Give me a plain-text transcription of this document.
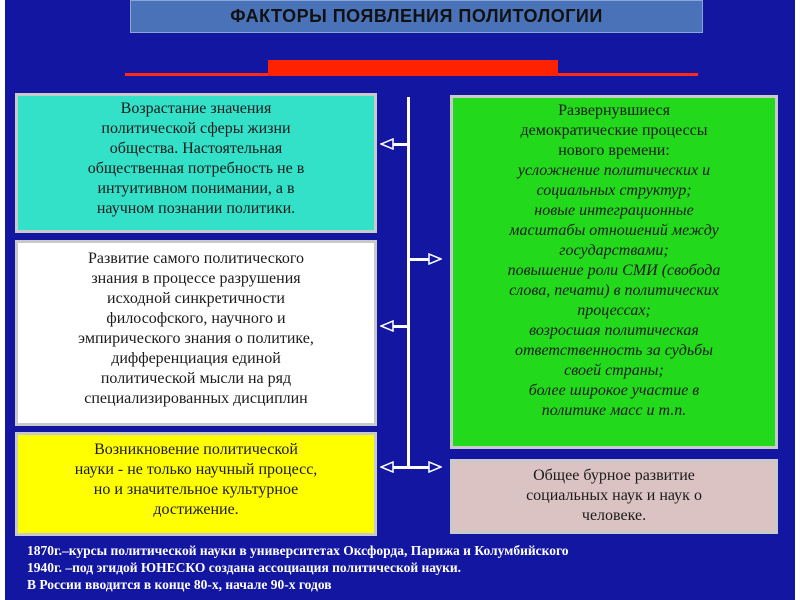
ФАКТОРЫ ПОЯВЛЕНИЯ ПОЛИТОЛОГИИ

Возрастание значения

политической сферы жизни

общества. Настоятельная

общественная потребность не в

интуитивном понимании, а в

научном познании политики.

Развитие самого политического

знания в процессе разрушения

исходной синкретичности

философского, научного и

эмпирического знания о политике,

дифференциация единой

политической мысли на ряд

специализированных дисциплин

Возникновение политической

науки - не только научный процесс,

но и значительное культурное

достижение.

Развернувшиеся

демократические процессы

нового времени:

усложнение политических и

социальных структур;

новые интеграционные

масштабы отношений между

государствами;

повышение роли СМИ (свобода

слова, печати) в политических

процессах;

возросшая политическая

ответственность за судьбы

своей страны;

более широкое участие в

политике масс и т.п.

Общее бурное развитие

социальных наук и наук о

человеке.

1870г.–курсы политической науки в университетах Оксфорда, Парижа и Колумбийского

1940г. –под эгидой ЮНЕСКО создана ассоциация политической науки.

В России вводится в конце 80-х, начале 90-х годов
